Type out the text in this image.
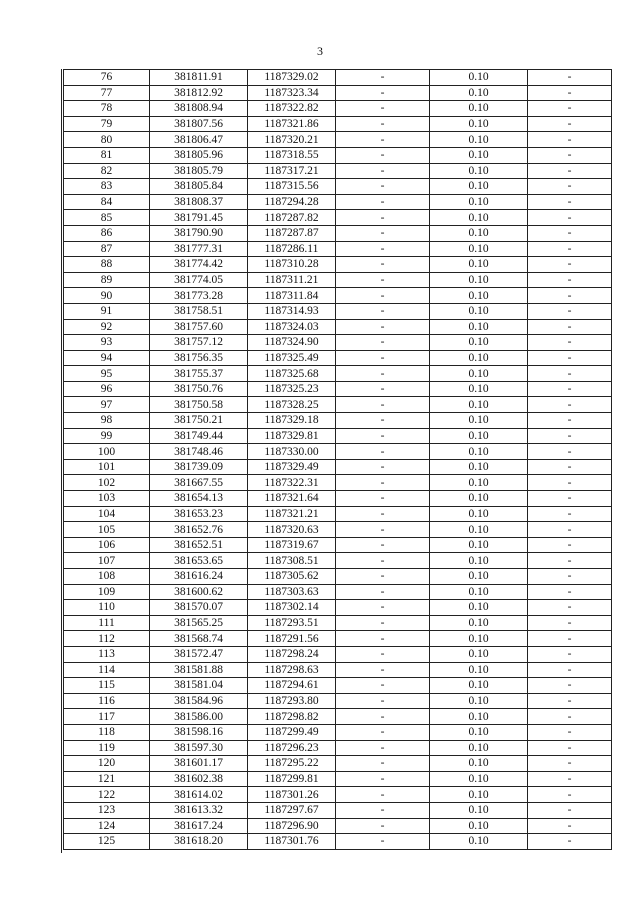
3
76	381811.91	1187329.02	-	0.10	-
77	381812.92	1187323.34	-	0.10	-
78	381808.94	1187322.82	-	0.10	-
79	381807.56	1187321.86	-	0.10	-
80	381806.47	1187320.21	-	0.10	-
81	381805.96	1187318.55	-	0.10	-
82	381805.79	1187317.21	-	0.10	-
83	381805.84	1187315.56	-	0.10	-
84	381808.37	1187294.28	-	0.10	-
85	381791.45	1187287.82	-	0.10	-
86	381790.90	1187287.87	-	0.10	-
87	381777.31	1187286.11	-	0.10	-
88	381774.42	1187310.28	-	0.10	-
89	381774.05	1187311.21	-	0.10	-
90	381773.28	1187311.84	-	0.10	-
91	381758.51	1187314.93	-	0.10	-
92	381757.60	1187324.03	-	0.10	-
93	381757.12	1187324.90	-	0.10	-
94	381756.35	1187325.49	-	0.10	-
95	381755.37	1187325.68	-	0.10	-
96	381750.76	1187325.23	-	0.10	-
97	381750.58	1187328.25	-	0.10	-
98	381750.21	1187329.18	-	0.10	-
99	381749.44	1187329.81	-	0.10	-
100	381748.46	1187330.00	-	0.10	-
101	381739.09	1187329.49	-	0.10	-
102	381667.55	1187322.31	-	0.10	-
103	381654.13	1187321.64	-	0.10	-
104	381653.23	1187321.21	-	0.10	-
105	381652.76	1187320.63	-	0.10	-
106	381652.51	1187319.67	-	0.10	-
107	381653.65	1187308.51	-	0.10	-
108	381616.24	1187305.62	-	0.10	-
109	381600.62	1187303.63	-	0.10	-
110	381570.07	1187302.14	-	0.10	-
111	381565.25	1187293.51	-	0.10	-
112	381568.74	1187291.56	-	0.10	-
113	381572.47	1187298.24	-	0.10	-
114	381581.88	1187298.63	-	0.10	-
115	381581.04	1187294.61	-	0.10	-
116	381584.96	1187293.80	-	0.10	-
117	381586.00	1187298.82	-	0.10	-
118	381598.16	1187299.49	-	0.10	-
119	381597.30	1187296.23	-	0.10	-
120	381601.17	1187295.22	-	0.10	-
121	381602.38	1187299.81	-	0.10	-
122	381614.02	1187301.26	-	0.10	-
123	381613.32	1187297.67	-	0.10	-
124	381617.24	1187296.90	-	0.10	-
125	381618.20	1187301.76	-	0.10	-
